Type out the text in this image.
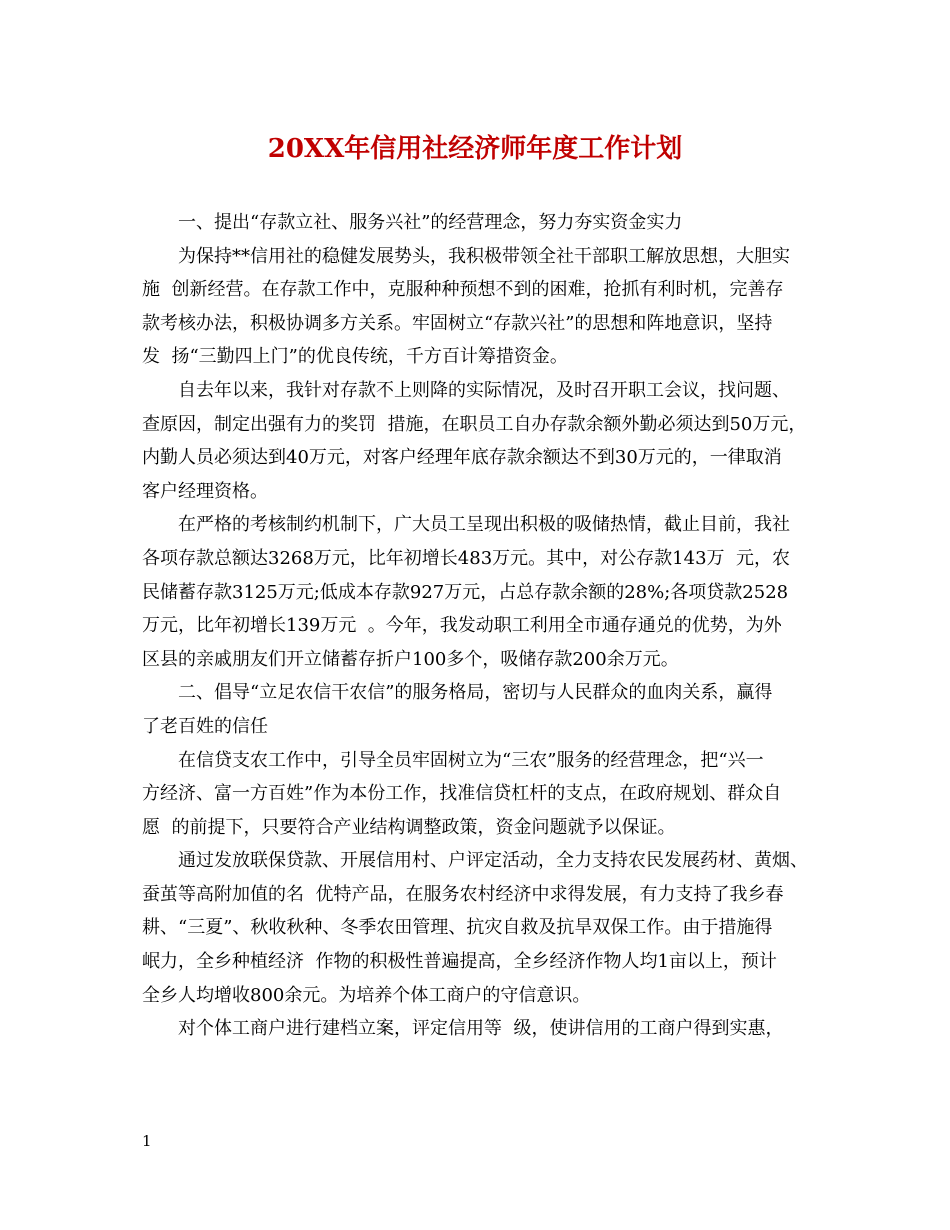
20XX年信用社经济师年度工作计划
一、提出“存款立社、服务兴社”的经营理念，努力夯实资金实力
为保持**信用社的稳健发展势头，我积极带领全社干部职工解放思想，大胆实
施  创新经营。在存款工作中，克服种种预想不到的困难，抢抓有利时机，完善存
款考核办法，积极协调多方关系。牢固树立“存款兴社”的思想和阵地意识，坚持
发  扬“三勤四上门”的优良传统，千方百计筹措资金。
自去年以来，我针对存款不上则降的实际情况，及时召开职工会议，找问题、
查原因，制定出强有力的奖罚  措施，在职员工自办存款余额外勤必须达到50万元，
内勤人员必须达到40万元，对客户经理年底存款余额达不到30万元的，一律取消
客户经理资格。
在严格的考核制约机制下，广大员工呈现出积极的吸储热情，截止目前，我社
各项存款总额达3268万元，比年初增长483万元。其中，对公存款143万  元，农
民储蓄存款3125万元;低成本存款927万元，占总存款余额的28%;各项贷款2528
万元，比年初增长139万元  。今年，我发动职工利用全市通存通兑的优势，为外
区县的亲戚朋友们开立储蓄存折户100多个，吸储存款200余万元。
二、倡导“立足农信干农信”的服务格局，密切与人民群众的血肉关系，赢得
了老百姓的信任
在信贷支农工作中，引导全员牢固树立为“三农”服务的经营理念，把“兴一
方经济、富一方百姓”作为本份工作，找准信贷杠杆的支点，在政府规划、群众自
愿  的前提下，只要符合产业结构调整政策，资金问题就予以保证。
通过发放联保贷款、开展信用村、户评定活动，全力支持农民发展药材、黄烟、
蚕茧等高附加值的名  优特产品，在服务农村经济中求得发展，有力支持了我乡春
耕、“三夏”、秋收秋种、冬季农田管理、抗灾自救及抗旱双保工作。由于措施得
岷力，全乡种植经济  作物的积极性普遍提高，全乡经济作物人均1亩以上，预计
全乡人均增收800余元。为培养个体工商户的守信意识。
对个体工商户进行建档立案，评定信用等  级，使讲信用的工商户得到实惠，
1
